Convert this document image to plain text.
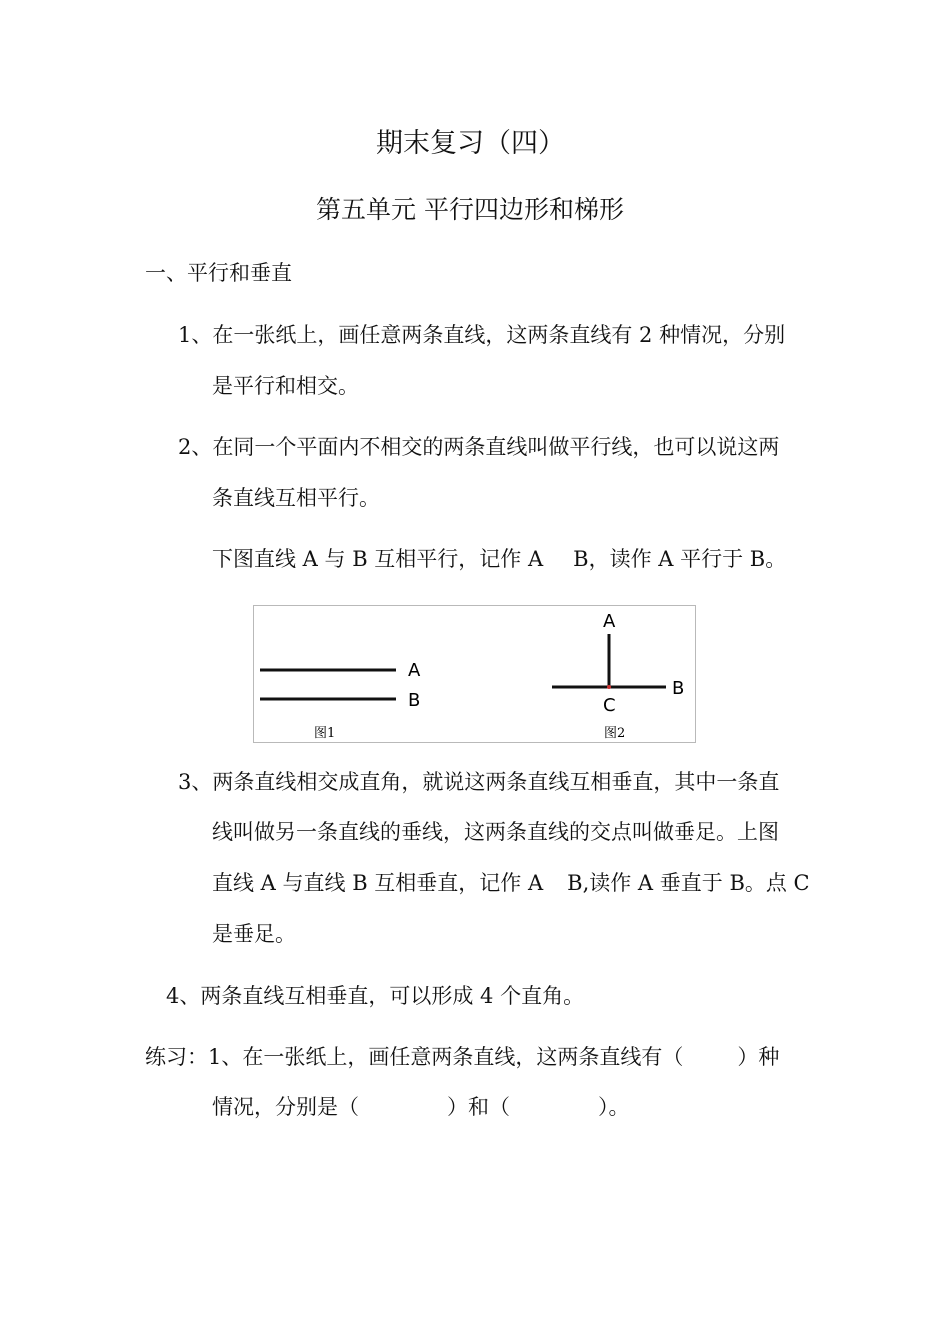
期末复习（四）
第五单元 平行四边形和梯形
一、平行和垂直
1、在一张纸上，画任意两条直线，这两条直线有 2 种情况，分别
是平行和相交。
2、在同一个平面内不相交的两条直线叫做平行线，也可以说这两
条直线互相平行。
下图直线 A 与 B 互相平行，记作 A B，读作 A 平行于 B。
A
B
图1
A
B
C
图2
3、两条直线相交成直角，就说这两条直线互相垂直，其中一条直
线叫做另一条直线的垂线，这两条直线的交点叫做垂足。上图
直线 A 与直线 B 互相垂直，记作 A B,读作 A 垂直于 B。点 C
是垂足。
4、两条直线互相垂直，可以形成 4 个直角。
练习：1、在一张纸上，画任意两条直线，这两条直线有（	）种
情况，分别是（	）和（	）。
